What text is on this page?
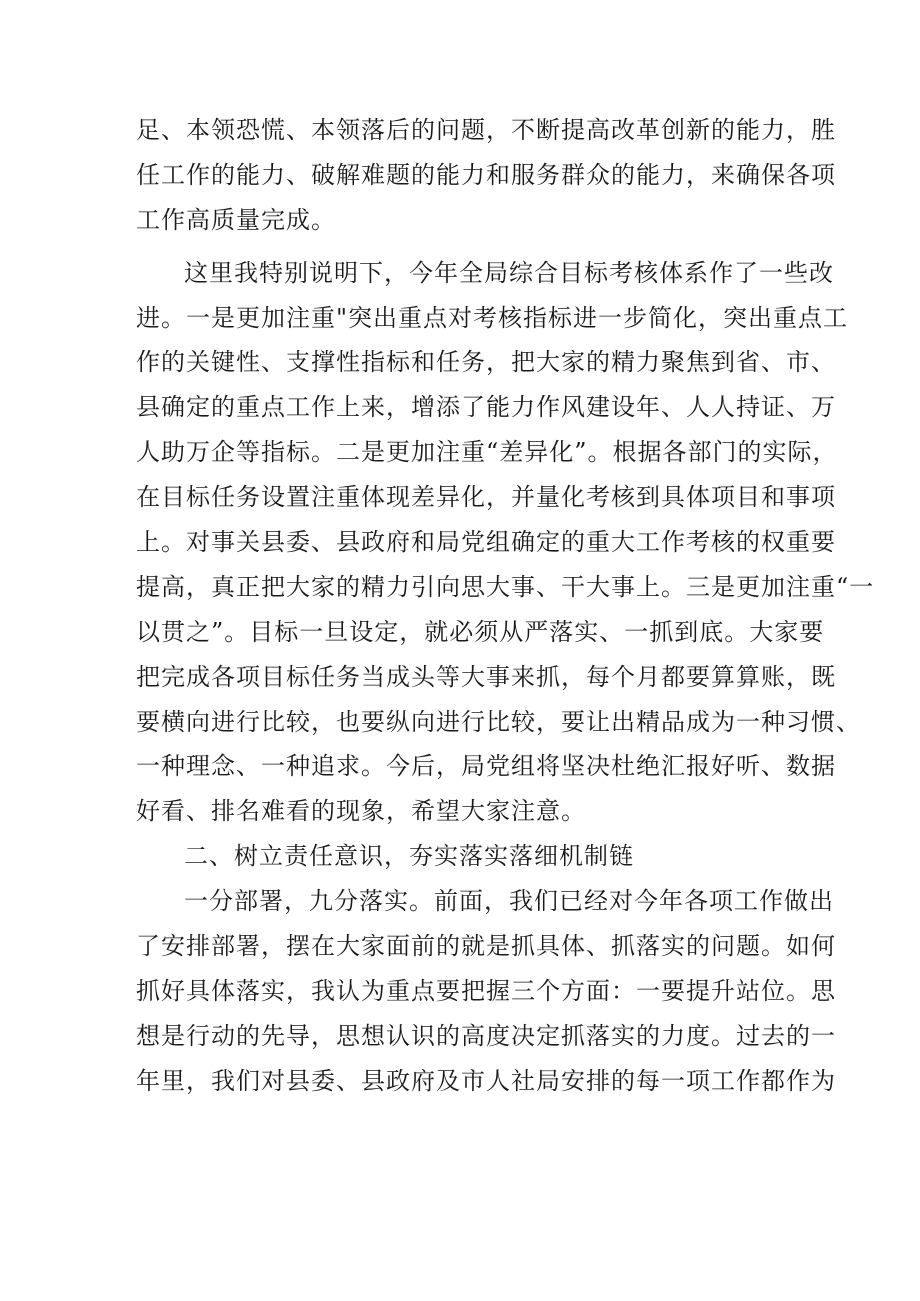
足、本领恐慌、本领落后的问题，不断提高改革创新的能力，胜
任工作的能力、破解难题的能力和服务群众的能力，来确保各项
工作高质量完成。
这里我特别说明下，今年全局综合目标考核体系作了一些改
进。一是更加注重"突出重点对考核指标进一步简化，突出重点工
作的关键性、支撑性指标和任务，把大家的精力聚焦到省、市、
县确定的重点工作上来，增添了能力作风建设年、人人持证、万
人助万企等指标。二是更加注重“差异化”。根据各部门的实际，
在目标任务设置注重体现差异化，并量化考核到具体项目和事项
上。对事关县委、县政府和局党组确定的重大工作考核的权重要
提高，真正把大家的精力引向思大事、干大事上。三是更加注重“一
以贯之”。目标一旦设定，就必须从严落实、一抓到底。大家要
把完成各项目标任务当成头等大事来抓，每个月都要算算账，既
要横向进行比较，也要纵向进行比较，要让出精品成为一种习惯、
一种理念、一种追求。今后，局党组将坚决杜绝汇报好听、数据
好看、排名难看的现象，希望大家注意。
二、树立责任意识，夯实落实落细机制链
一分部署，九分落实。前面，我们已经对今年各项工作做出
了安排部署，摆在大家面前的就是抓具体、抓落实的问题。如何
抓好具体落实，我认为重点要把握三个方面：一要提升站位。思
想是行动的先导，思想认识的高度决定抓落实的力度。过去的一
年里，我们对县委、县政府及市人社局安排的每一项工作都作为
